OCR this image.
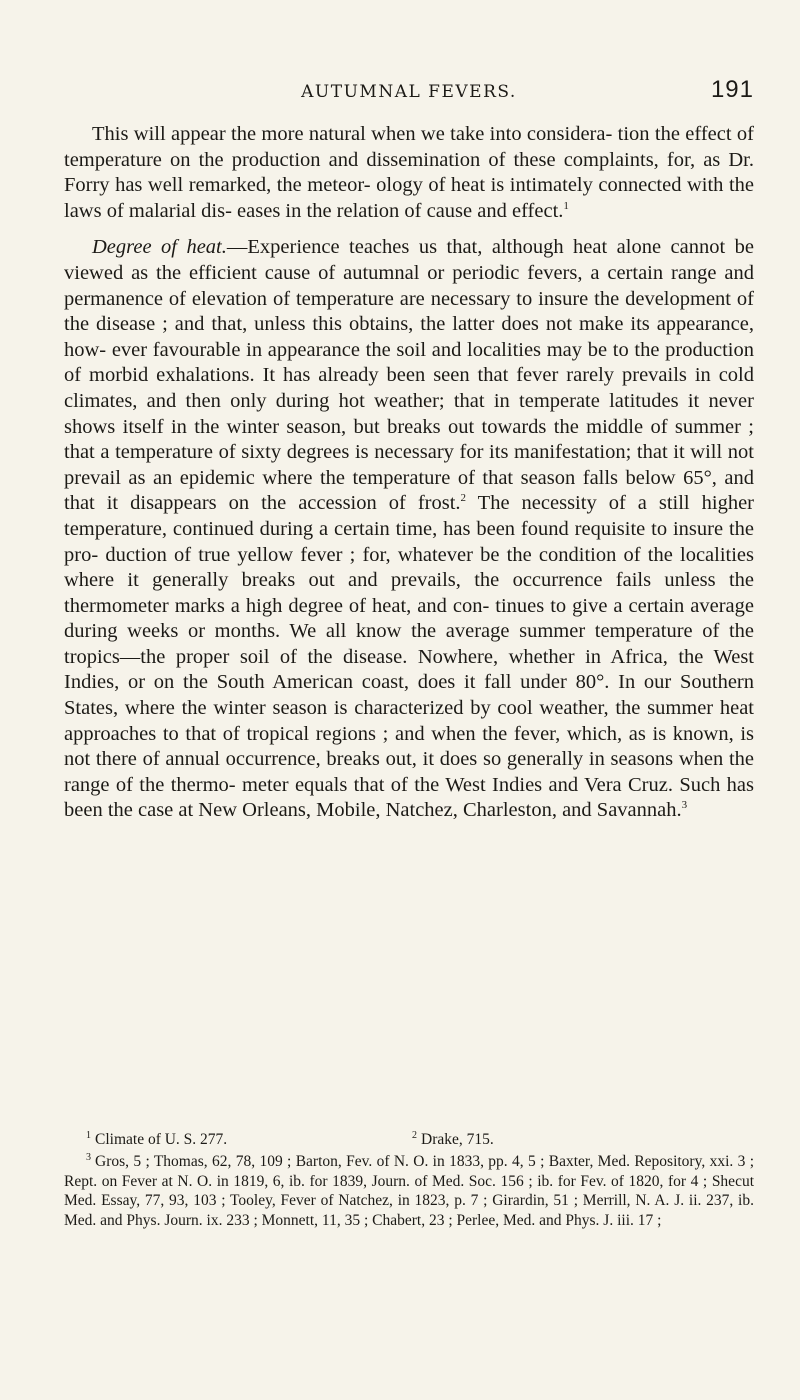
AUTUMNAL FEVERS.	191

This will appear the more natural when we take into considera- tion the effect of temperature on the production and dissemination of these complaints, for, as Dr. Forry has well remarked, the meteor- ology of heat is intimately connected with the laws of malarial dis- eases in the relation of cause and effect.$^1$

Degree of heat.—Experience teaches us that, although heat alone cannot be viewed as the efficient cause of autumnal or periodic fevers, a certain range and permanence of elevation of temperature are necessary to insure the development of the disease ; and that, unless this obtains, the latter does not make its appearance, how- ever favourable in appearance the soil and localities may be to the production of morbid exhalations. It has already been seen that fever rarely prevails in cold climates, and then only during hot weather; that in temperate latitudes it never shows itself in the winter season, but breaks out towards the middle of summer ; that a temperature of sixty degrees is necessary for its manifestation; that it will not prevail as an epidemic where the temperature of that season falls below 65°, and that it disappears on the accession of frost.$^2$ The necessity of a still higher temperature, continued during a certain time, has been found requisite to insure the pro- duction of true yellow fever ; for, whatever be the condition of the localities where it generally breaks out and prevails, the occurrence fails unless the thermometer marks a high degree of heat, and con- tinues to give a certain average during weeks or months. We all know the average summer temperature of the tropics—the proper soil of the disease. Nowhere, whether in Africa, the West Indies, or on the South American coast, does it fall under 80°. In our Southern States, where the winter season is characterized by cool weather, the summer heat approaches to that of tropical regions ; and when the fever, which, as is known, is not there of annual occurrence, breaks out, it does so generally in seasons when the range of the thermo- meter equals that of the West Indies and Vera Cruz. Such has been the case at New Orleans, Mobile, Natchez, Charleston, and Savannah.$^3$

$^1$ Climate of U. S. 277.	$^2$ Drake, 715.
$^3$ Gros, 5 ; Thomas, 62, 78, 109 ; Barton, Fev. of N. O. in 1833, pp. 4, 5 ; Baxter, Med. Repository, xxi. 3 ; Rept. on Fever at N. O. in 1819, 6, ib. for 1839, Journ. of Med. Soc. 156 ; ib. for Fev. of 1820, for 4 ; Shecut Med. Essay, 77, 93, 103 ; Tooley, Fever of Natchez, in 1823, p. 7 ; Girardin, 51 ; Merrill, N. A. J. ii. 237, ib. Med. and Phys. Journ. ix. 233 ; Monnett, 11, 35 ; Chabert, 23 ; Perlee, Med. and Phys. J. iii. 17 ;
